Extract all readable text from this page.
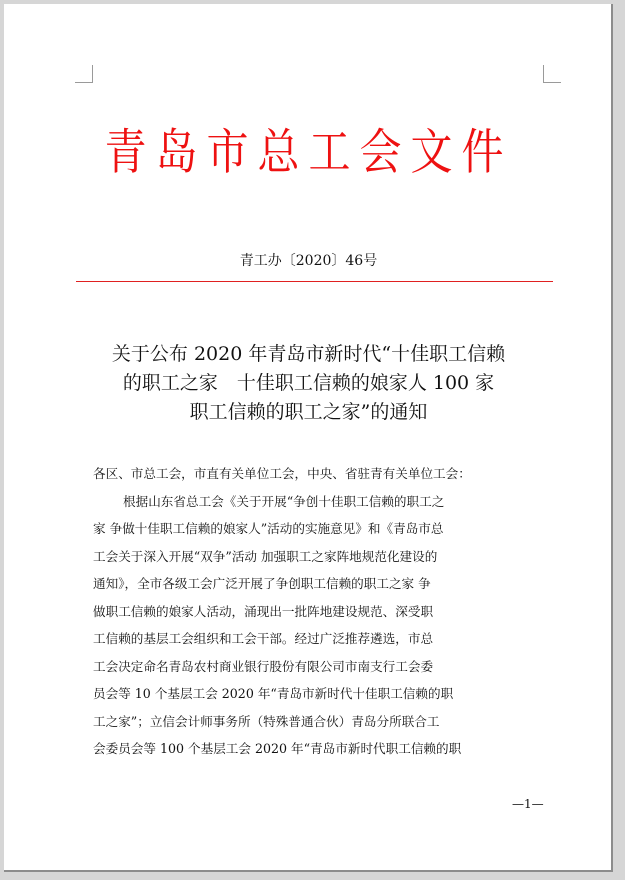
青岛市总工会文件
青工办〔2020〕46号
关于公布 2020 年青岛市新时代“十佳职工信赖
的职工之家　十佳职工信赖的娘家人 100 家
职工信赖的职工之家”的通知
各区、市总工会，市直有关单位工会，中央、省驻青有关单位工会：
根据山东省总工会《关于开展“争创十佳职工信赖的职工之
家 争做十佳职工信赖的娘家人”活动的实施意见》和《青岛市总
工会关于深入开展“双争”活动 加强职工之家阵地规范化建设的
通知》，全市各级工会广泛开展了争创职工信赖的职工之家 争
做职工信赖的娘家人活动，涌现出一批阵地建设规范、深受职
工信赖的基层工会组织和工会干部。经过广泛推荐遴选，市总
工会决定命名青岛农村商业银行股份有限公司市南支行工会委
员会等 10 个基层工会 2020 年“青岛市新时代十佳职工信赖的职
工之家”；立信会计师事务所（特殊普通合伙）青岛分所联合工
会委员会等 100 个基层工会 2020 年“青岛市新时代职工信赖的职
—1—
